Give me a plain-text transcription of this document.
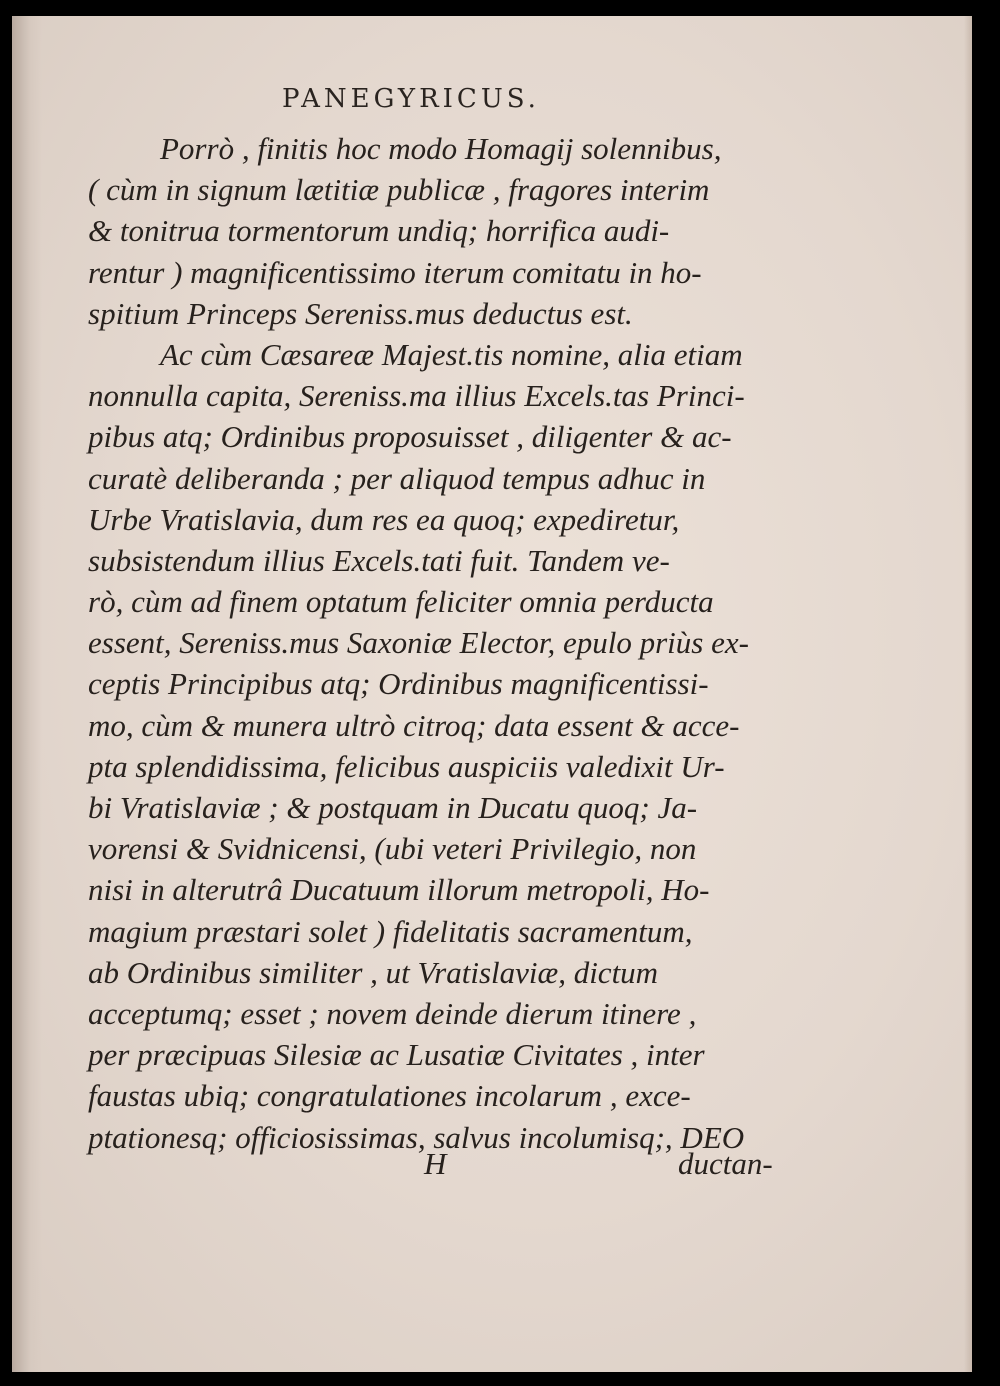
PANEGYRICUS.
Porrò , finitis hoc modo Homagij solennibus,
( cùm in signum lætitiæ publicæ , fragores interim
& tonitrua tormentorum undiq; horrifica audi-
rentur ) magnificentissimo iterum comitatu in ho-
spitium Princeps Sereniss.mus deductus est.
Ac cùm Cæsareæ Majest.tis nomine, alia etiam
nonnulla capita, Sereniss.ma illius Excels.tas Princi-
pibus atq; Ordinibus proposuisset , diligenter & ac-
curatè deliberanda ; per aliquod tempus adhuc in
Urbe Vratislavia, dum res ea quoq; expediretur,
subsistendum illius Excels.tati fuit. Tandem ve-
rò, cùm ad finem optatum feliciter omnia perducta
essent, Sereniss.mus Saxoniæ Elector, epulo priùs ex-
ceptis Principibus atq; Ordinibus magnificentissi-
mo, cùm & munera ultrò citroq; data essent & acce-
pta splendidissima, felicibus auspiciis valedixit Ur-
bi Vratislaviæ ; & postquam in Ducatu quoq; Ja-
vorensi & Svidnicensi, (ubi veteri Privilegio, non
nisi in alterutrâ Ducatuum illorum metropoli, Ho-
magium præstari solet ) fidelitatis sacramentum,
ab Ordinibus similiter , ut Vratislaviæ, dictum
acceptumq; esset ; novem deinde dierum itinere ,
per præcipuas Silesiæ ac Lusatiæ Civitates , inter
faustas ubiq; congratulationes incolarum , exce-
ptationesq; officiosissimas, salvus incolumisq;, DEO
H	ductan-
